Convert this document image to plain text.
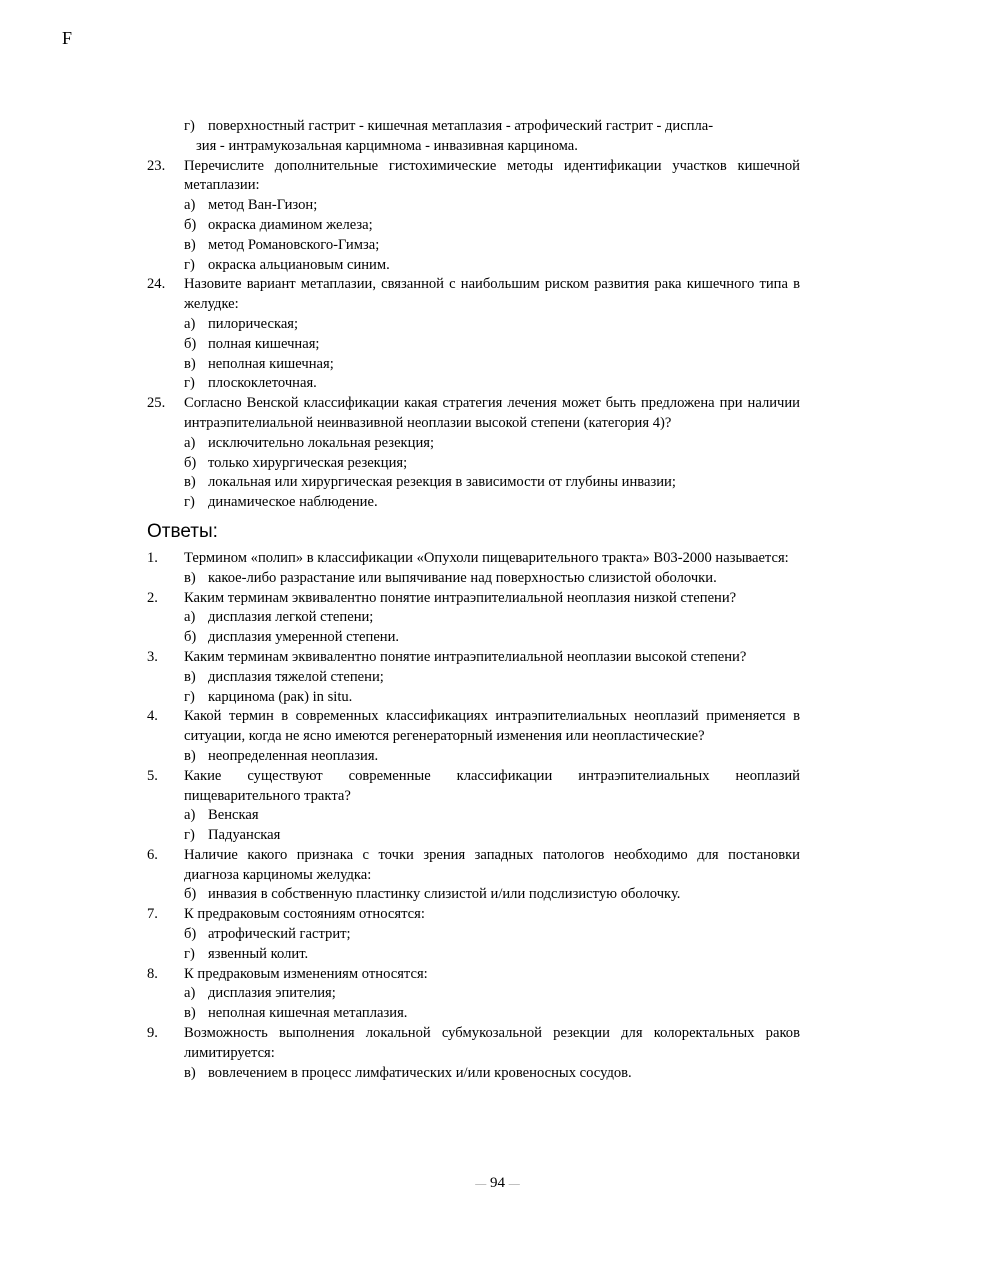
F
г) поверхностный гастрит - кишечная метаплазия - атрофический гастрит - диспла-
зия - интрамукозальная карцимнома - инвазивная карцинома.
23. Перечислите дополнительные гистохимические методы идентификации участков кишечной метаплазии:
а) метод Ван-Гизон;
б) окраска диамином железа;
в) метод Романовского-Гимза;
г) окраска альциановым синим.
24. Назовите вариант метаплазии, связанной с наибольшим риском развития рака кишечного типа в желудке:
а) пилорическая;
б) полная кишечная;
в) неполная кишечная;
г) плоскоклеточная.
25. Согласно Венской классификации какая стратегия лечения может быть предложена при наличии интраэпителиальной неинвазивной неоплазии высокой степени (категория 4)?
а) исключительно локальная резекция;
б) только хирургическая резекция;
в) локальная или хирургическая резекция в зависимости от глубины инвазии;
г) динамическое наблюдение.
Ответы:
1. Термином «полип» в классификации «Опухоли пищеварительного тракта» В03-2000 называется:
в) какое-либо разрастание или выпячивание над поверхностью слизистой оболочки.
2. Каким терминам эквивалентно понятие интраэпителиальной неоплазия низкой степени?
а) дисплазия легкой степени;
б) дисплазия умеренной степени.
3. Каким терминам эквивалентно понятие интраэпителиальной неоплазии высокой степени?
в) дисплазия тяжелой степени;
г) карцинома (рак) in situ.
4. Какой термин в современных классификациях интраэпителиальных неоплазий применяется в ситуации, когда не ясно имеются регенераторный изменения или неопластические?
в) неопределенная неоплазия.
5. Какие существуют современные классификации интраэпителиальных неоплазий пищеварительного тракта?
а) Венская
г) Падуанская
6. Наличие какого признака с точки зрения западных патологов необходимо для постановки диагноза карциномы желудка:
б) инвазия в собственную пластинку слизистой и/или подслизистую оболочку.
7. К предраковым состояниям относятся:
б) атрофический гастрит;
г) язвенный колит.
8. К предраковым изменениям относятся:
а) дисплазия эпителия;
в) неполная кишечная метаплазия.
9. Возможность выполнения локальной субмукозальной резекции для колоректальных раков лимитируется:
в) вовлечением в процесс лимфатических и/или кровеносных сосудов.
— 94 —
